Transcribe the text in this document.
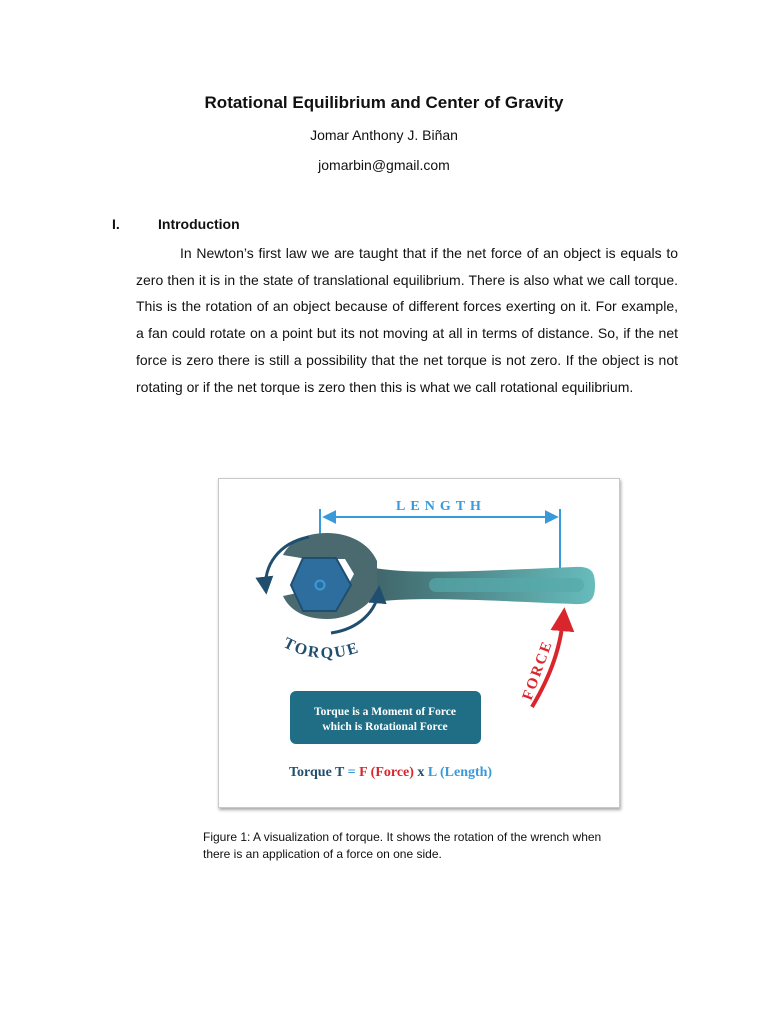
Rotational Equilibrium and Center of Gravity
Jomar Anthony J. Biñan
jomarbin@gmail.com
I.	Introduction

In Newton’s first law we are taught that if the net force of an object is equals to zero then it is in the state of translational equilibrium. There is also what we call torque. This is the rotation of an object because of different forces exerting on it. For example, a fan could rotate on a point but its not moving at all in terms of distance. So, if the net force is zero there is still a possibility that the net torque is not zero. If the object is not rotating or if the net torque is zero then this is what we call rotational equilibrium.

LENGTH
TORQUE	FORCE
Torque is a Moment of Force
which is Rotational Force
Torque T = F (Force) x L (Length)

Figure 1: A visualization of torque. It shows the rotation of the wrench when there is an application of a force on one side.
